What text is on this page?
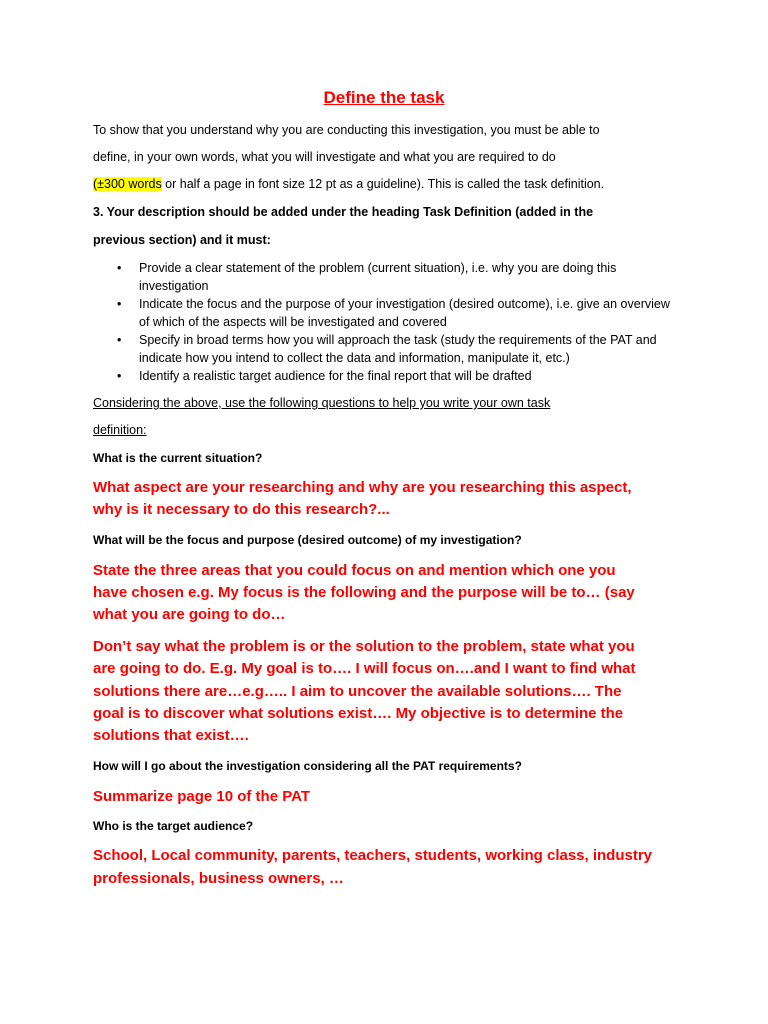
Define the task
To show that you understand why you are conducting this investigation, you must be able to
define, in your own words, what you will investigate and what you are required to do
(±300 words or half a page in font size 12 pt as a guideline). This is called the task definition.
3. Your description should be added under the heading Task Definition (added in the
previous section) and it must:
• Provide a clear statement of the problem (current situation), i.e. why you are doing this investigation
• Indicate the focus and the purpose of your investigation (desired outcome), i.e. give an overview of which of the aspects will be investigated and covered
• Specify in broad terms how you will approach the task (study the requirements of the PAT and indicate how you intend to collect the data and information, manipulate it, etc.)
• Identify a realistic target audience for the final report that will be drafted
Considering the above, use the following questions to help you write your own task
definition:
What is the current situation?
What aspect are your researching and why are you researching this aspect,
why is it necessary to do this research?...
What will be the focus and purpose (desired outcome) of my investigation?
State the three areas that you could focus on and mention which one you
have chosen e.g. My focus is the following and the purpose will be to… (say
what you are going to do…
Don’t say what the problem is or the solution to the problem, state what you
are going to do. E.g. My goal is to…. I will focus on….and I want to find what
solutions there are…e.g….. I aim to uncover the available solutions…. The
goal is to discover what solutions exist…. My objective is to determine the
solutions that exist….
How will I go about the investigation considering all the PAT requirements?
Summarize page 10 of the PAT
Who is the target audience?
School, Local community, parents, teachers, students, working class, industry
professionals, business owners, …
